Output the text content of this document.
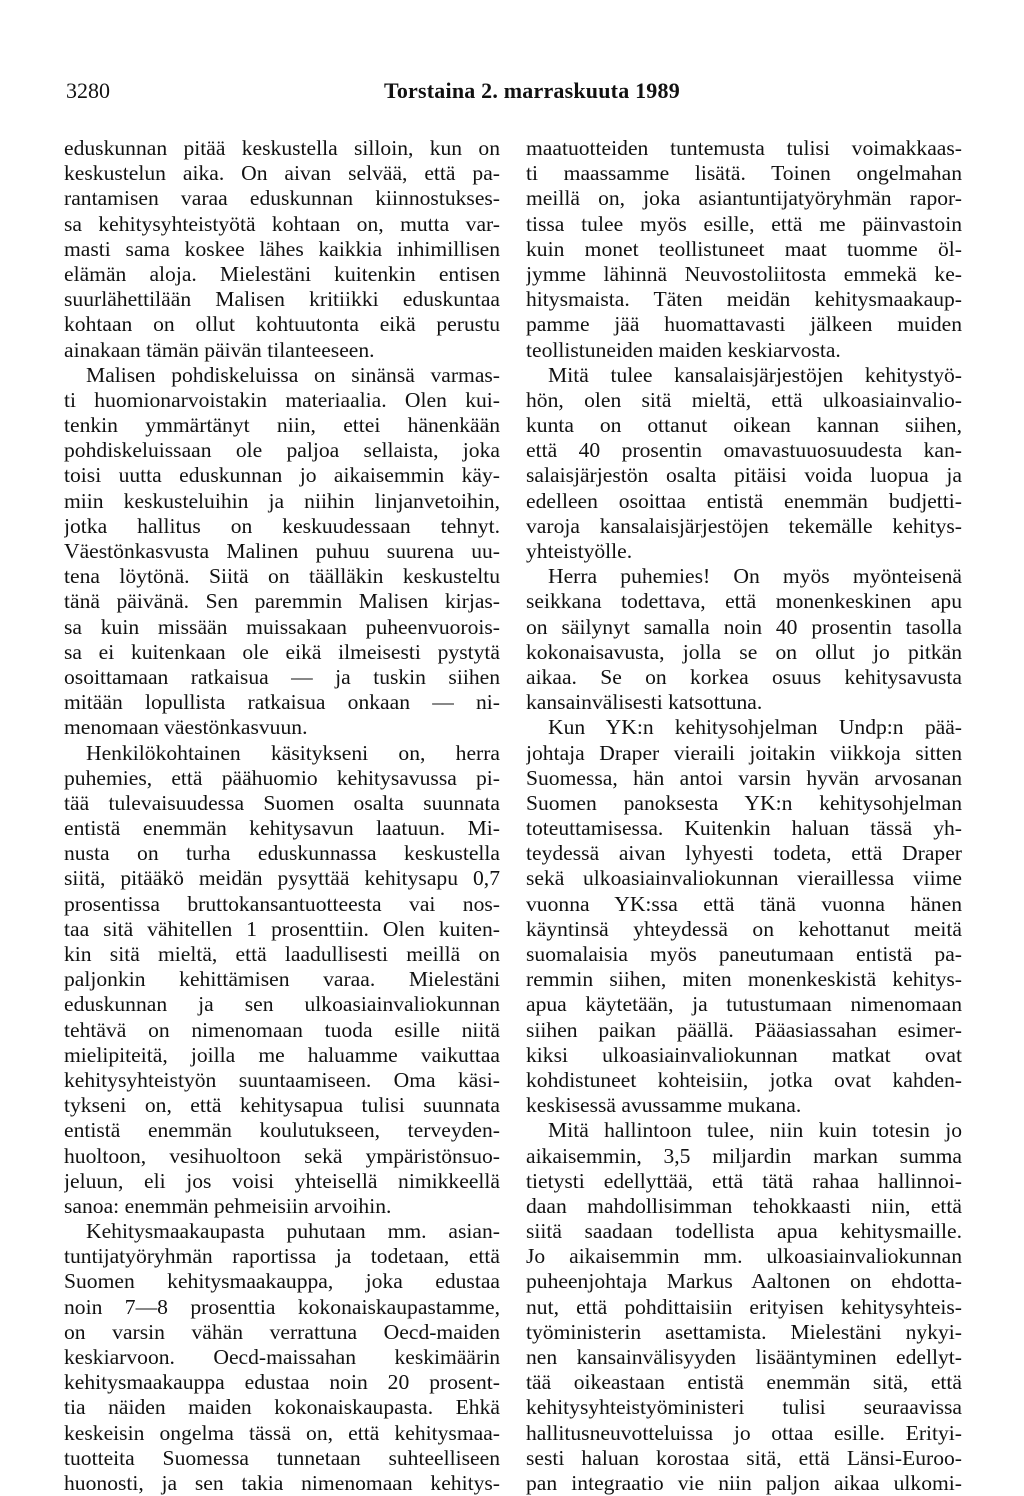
3280	Torstaina 2. marraskuuta 1989
eduskunnan pitää keskustella silloin, kun on
keskustelun aika. On aivan selvää, että pa-
rantamisen varaa eduskunnan kiinnostukses-
sa kehitysyhteistyötä kohtaan on, mutta var-
masti sama koskee lähes kaikkia inhimillisen
elämän aloja. Mielestäni kuitenkin entisen
suurlähettilään Malisen kritiikki eduskuntaa
kohtaan on ollut kohtuutonta eikä perustu
ainakaan tämän päivän tilanteeseen.
Malisen pohdiskeluissa on sinänsä varmas-
ti huomionarvoistakin materiaalia. Olen kui-
tenkin ymmärtänyt niin, ettei hänenkään
pohdiskeluissaan ole paljoa sellaista, joka
toisi uutta eduskunnan jo aikaisemmin käy-
miin keskusteluihin ja niihin linjanvetoihin,
jotka hallitus on keskuudessaan tehnyt.
Väestönkasvusta Malinen puhuu suurena uu-
tena löytönä. Siitä on täälläkin keskusteltu
tänä päivänä. Sen paremmin Malisen kirjas-
sa kuin missään muissakaan puheenvuorois-
sa ei kuitenkaan ole eikä ilmeisesti pystytä
osoittamaan ratkaisua — ja tuskin siihen
mitään lopullista ratkaisua onkaan — ni-
menomaan väestönkasvuun.
Henkilökohtainen käsitykseni on, herra
puhemies, että päähuomio kehitysavussa pi-
tää tulevaisuudessa Suomen osalta suunnata
entistä enemmän kehitysavun laatuun. Mi-
nusta on turha eduskunnassa keskustella
siitä, pitääkö meidän pysyttää kehitysapu 0,7
prosentissa bruttokansantuotteesta vai nos-
taa sitä vähitellen 1 prosenttiin. Olen kuiten-
kin sitä mieltä, että laadullisesti meillä on
paljonkin kehittämisen varaa. Mielestäni
eduskunnan ja sen ulkoasiainvaliokunnan
tehtävä on nimenomaan tuoda esille niitä
mielipiteitä, joilla me haluamme vaikuttaa
kehitysyhteistyön suuntaamiseen. Oma käsi-
tykseni on, että kehitysapua tulisi suunnata
entistä enemmän koulutukseen, terveyden-
huoltoon, vesihuoltoon sekä ympäristönsuo-
jeluun, eli jos voisi yhteisellä nimikkeellä
sanoa: enemmän pehmeisiin arvoihin.
Kehitysmaakaupasta puhutaan mm. asian-
tuntijatyöryhmän raportissa ja todetaan, että
Suomen kehitysmaakauppa, joka edustaa
noin 7—8 prosenttia kokonaiskaupastamme,
on varsin vähän verrattuna Oecd-maiden
keskiarvoon. Oecd-maissahan keskimäärin
kehitysmaakauppa edustaa noin 20 prosent-
tia näiden maiden kokonaiskaupasta. Ehkä
keskeisin ongelma tässä on, että kehitysmaa-
tuotteita Suomessa tunnetaan suhteelliseen
huonosti, ja sen takia nimenomaan kehitys-
maatuotteiden tuntemusta tulisi voimakkaas-
ti maassamme lisätä. Toinen ongelmahan
meillä on, joka asiantuntijatyöryhmän rapor-
tissa tulee myös esille, että me päinvastoin
kuin monet teollistuneet maat tuomme öl-
jymme lähinnä Neuvostoliitosta emmekä ke-
hitysmaista. Täten meidän kehitysmaakaup-
pamme jää huomattavasti jälkeen muiden
teollistuneiden maiden keskiarvosta.
Mitä tulee kansalaisjärjestöjen kehitystyö-
hön, olen sitä mieltä, että ulkoasiainvalio-
kunta on ottanut oikean kannan siihen,
että 40 prosentin omavastuuosuudesta kan-
salaisjärjestön osalta pitäisi voida luopua ja
edelleen osoittaa entistä enemmän budjetti-
varoja kansalaisjärjestöjen tekemälle kehitys-
yhteistyölle.
Herra puhemies! On myös myönteisenä
seikkana todettava, että monenkeskinen apu
on säilynyt samalla noin 40 prosentin tasolla
kokonaisavusta, jolla se on ollut jo pitkän
aikaa. Se on korkea osuus kehitysavusta
kansainvälisesti katsottuna.
Kun YK:n kehitysohjelman Undp:n pää-
johtaja Draper vieraili joitakin viikkoja sitten
Suomessa, hän antoi varsin hyvän arvosanan
Suomen panoksesta YK:n kehitysohjelman
toteuttamisessa. Kuitenkin haluan tässä yh-
teydessä aivan lyhyesti todeta, että Draper
sekä ulkoasiainvaliokunnan vieraillessa viime
vuonna YK:ssa että tänä vuonna hänen
käyntinsä yhteydessä on kehottanut meitä
suomalaisia myös paneutumaan entistä pa-
remmin siihen, miten monenkeskistä kehitys-
apua käytetään, ja tutustumaan nimenomaan
siihen paikan päällä. Pääasiassahan esimer-
kiksi ulkoasiainvaliokunnan matkat ovat
kohdistuneet kohteisiin, jotka ovat kahden-
keskisessä avussamme mukana.
Mitä hallintoon tulee, niin kuin totesin jo
aikaisemmin, 3,5 miljardin markan summa
tietysti edellyttää, että tätä rahaa hallinnoi-
daan mahdollisimman tehokkaasti niin, että
siitä saadaan todellista apua kehitysmaille.
Jo aikaisemmin mm. ulkoasiainvaliokunnan
puheenjohtaja Markus Aaltonen on ehdotta-
nut, että pohdittaisiin erityisen kehitysyhteis-
työministerin asettamista. Mielestäni nykyi-
nen kansainvälisyyden lisääntyminen edellyt-
tää oikeastaan entistä enemmän sitä, että
kehitysyhteistyöministeri tulisi seuraavissa
hallitusneuvotteluissa jo ottaa esille. Erityi-
sesti haluan korostaa sitä, että Länsi-Euroo-
pan integraatio vie niin paljon aikaa ulkomi-
